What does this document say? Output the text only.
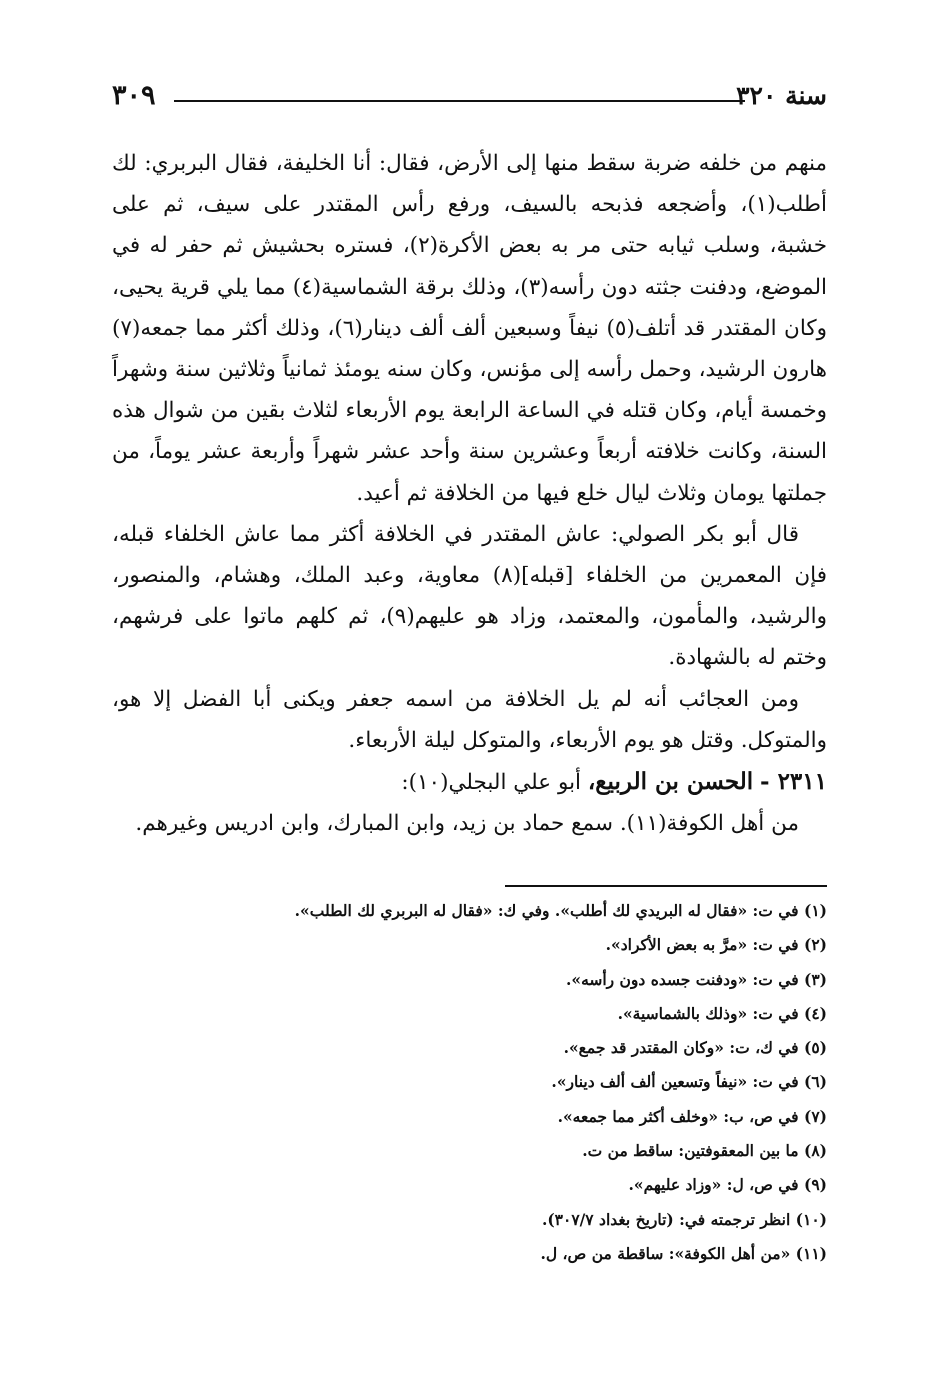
٣٠٩	سنة ٣٢٠

منهم من خلفه ضربة سقط منها إلى الأرض، فقال: أنا الخليفة، فقال البربري: لك أطلب(١)، وأضجعه فذبحه بالسيف، ورفع رأس المقتدر على سيف، ثم على خشبة، وسلب ثيابه حتى مر به بعض الأكرة(٢)، فستره بحشيش ثم حفر له في الموضع، ودفنت جثته دون رأسه(٣)، وذلك برقة الشماسية(٤) مما يلي قرية يحيى، وكان المقتدر قد أتلف(٥) نيفاً وسبعين ألف ألف دينار(٦)، وذلك أكثر مما جمعه(٧) هارون الرشيد، وحمل رأسه إلى مؤنس، وكان سنه يومئذ ثمانياً وثلاثين سنة وشهراً وخمسة أيام، وكان قتله في الساعة الرابعة يوم الأربعاء لثلاث بقين من شوال هذه السنة، وكانت خلافته أربعاً وعشرين سنة وأحد عشر شهراً وأربعة عشر يوماً، من جملتها يومان وثلاث ليال خلع فيها من الخلافة ثم أعيد.

قال أبو بكر الصولي: عاش المقتدر في الخلافة أكثر مما عاش الخلفاء قبله، فإن المعمرين من الخلفاء [قبله](٨) معاوية، وعبد الملك، وهشام، والمنصور، والرشيد، والمأمون، والمعتمد، وزاد هو عليهم(٩)، ثم كلهم ماتوا على فرشهم، وختم له بالشهادة.

ومن العجائب أنه لم يل الخلافة من اسمه جعفر ويكنى أبا الفضل إلا هو، والمتوكل. وقتل هو يوم الأربعاء، والمتوكل ليلة الأربعاء.

٢٣١١ - الحسن بن الربيع، أبو علي البجلي(١٠):

من أهل الكوفة(١١). سمع حماد بن زيد، وابن المبارك، وابن ادريس وغيرهم.

(١) في ت: «فقال له البريدي لك أطلب». وفي ك: «فقال له البربري لك الطلب».

(٢) في ت: «مرَّ به بعض الأكراد».

(٣) في ت: «ودفنت جسده دون رأسه».

(٤) في ت: «وذلك بالشماسية».

(٥) في ك، ت: «وكان المقتدر قد جمع».

(٦) في ت: «نيفاً وتسعين ألف ألف دينار».

(٧) في ص، ب: «وخلف أكثر مما جمعه».

(٨) ما بين المعقوفتين: ساقط من ت.

(٩) في ص، ل: «وزاد عليهم».

(١٠) انظر ترجمته في: (تاريخ بغداد ٣٠٧/٧).

(١١) «من أهل الكوفة»: ساقطة من ص، ل.
